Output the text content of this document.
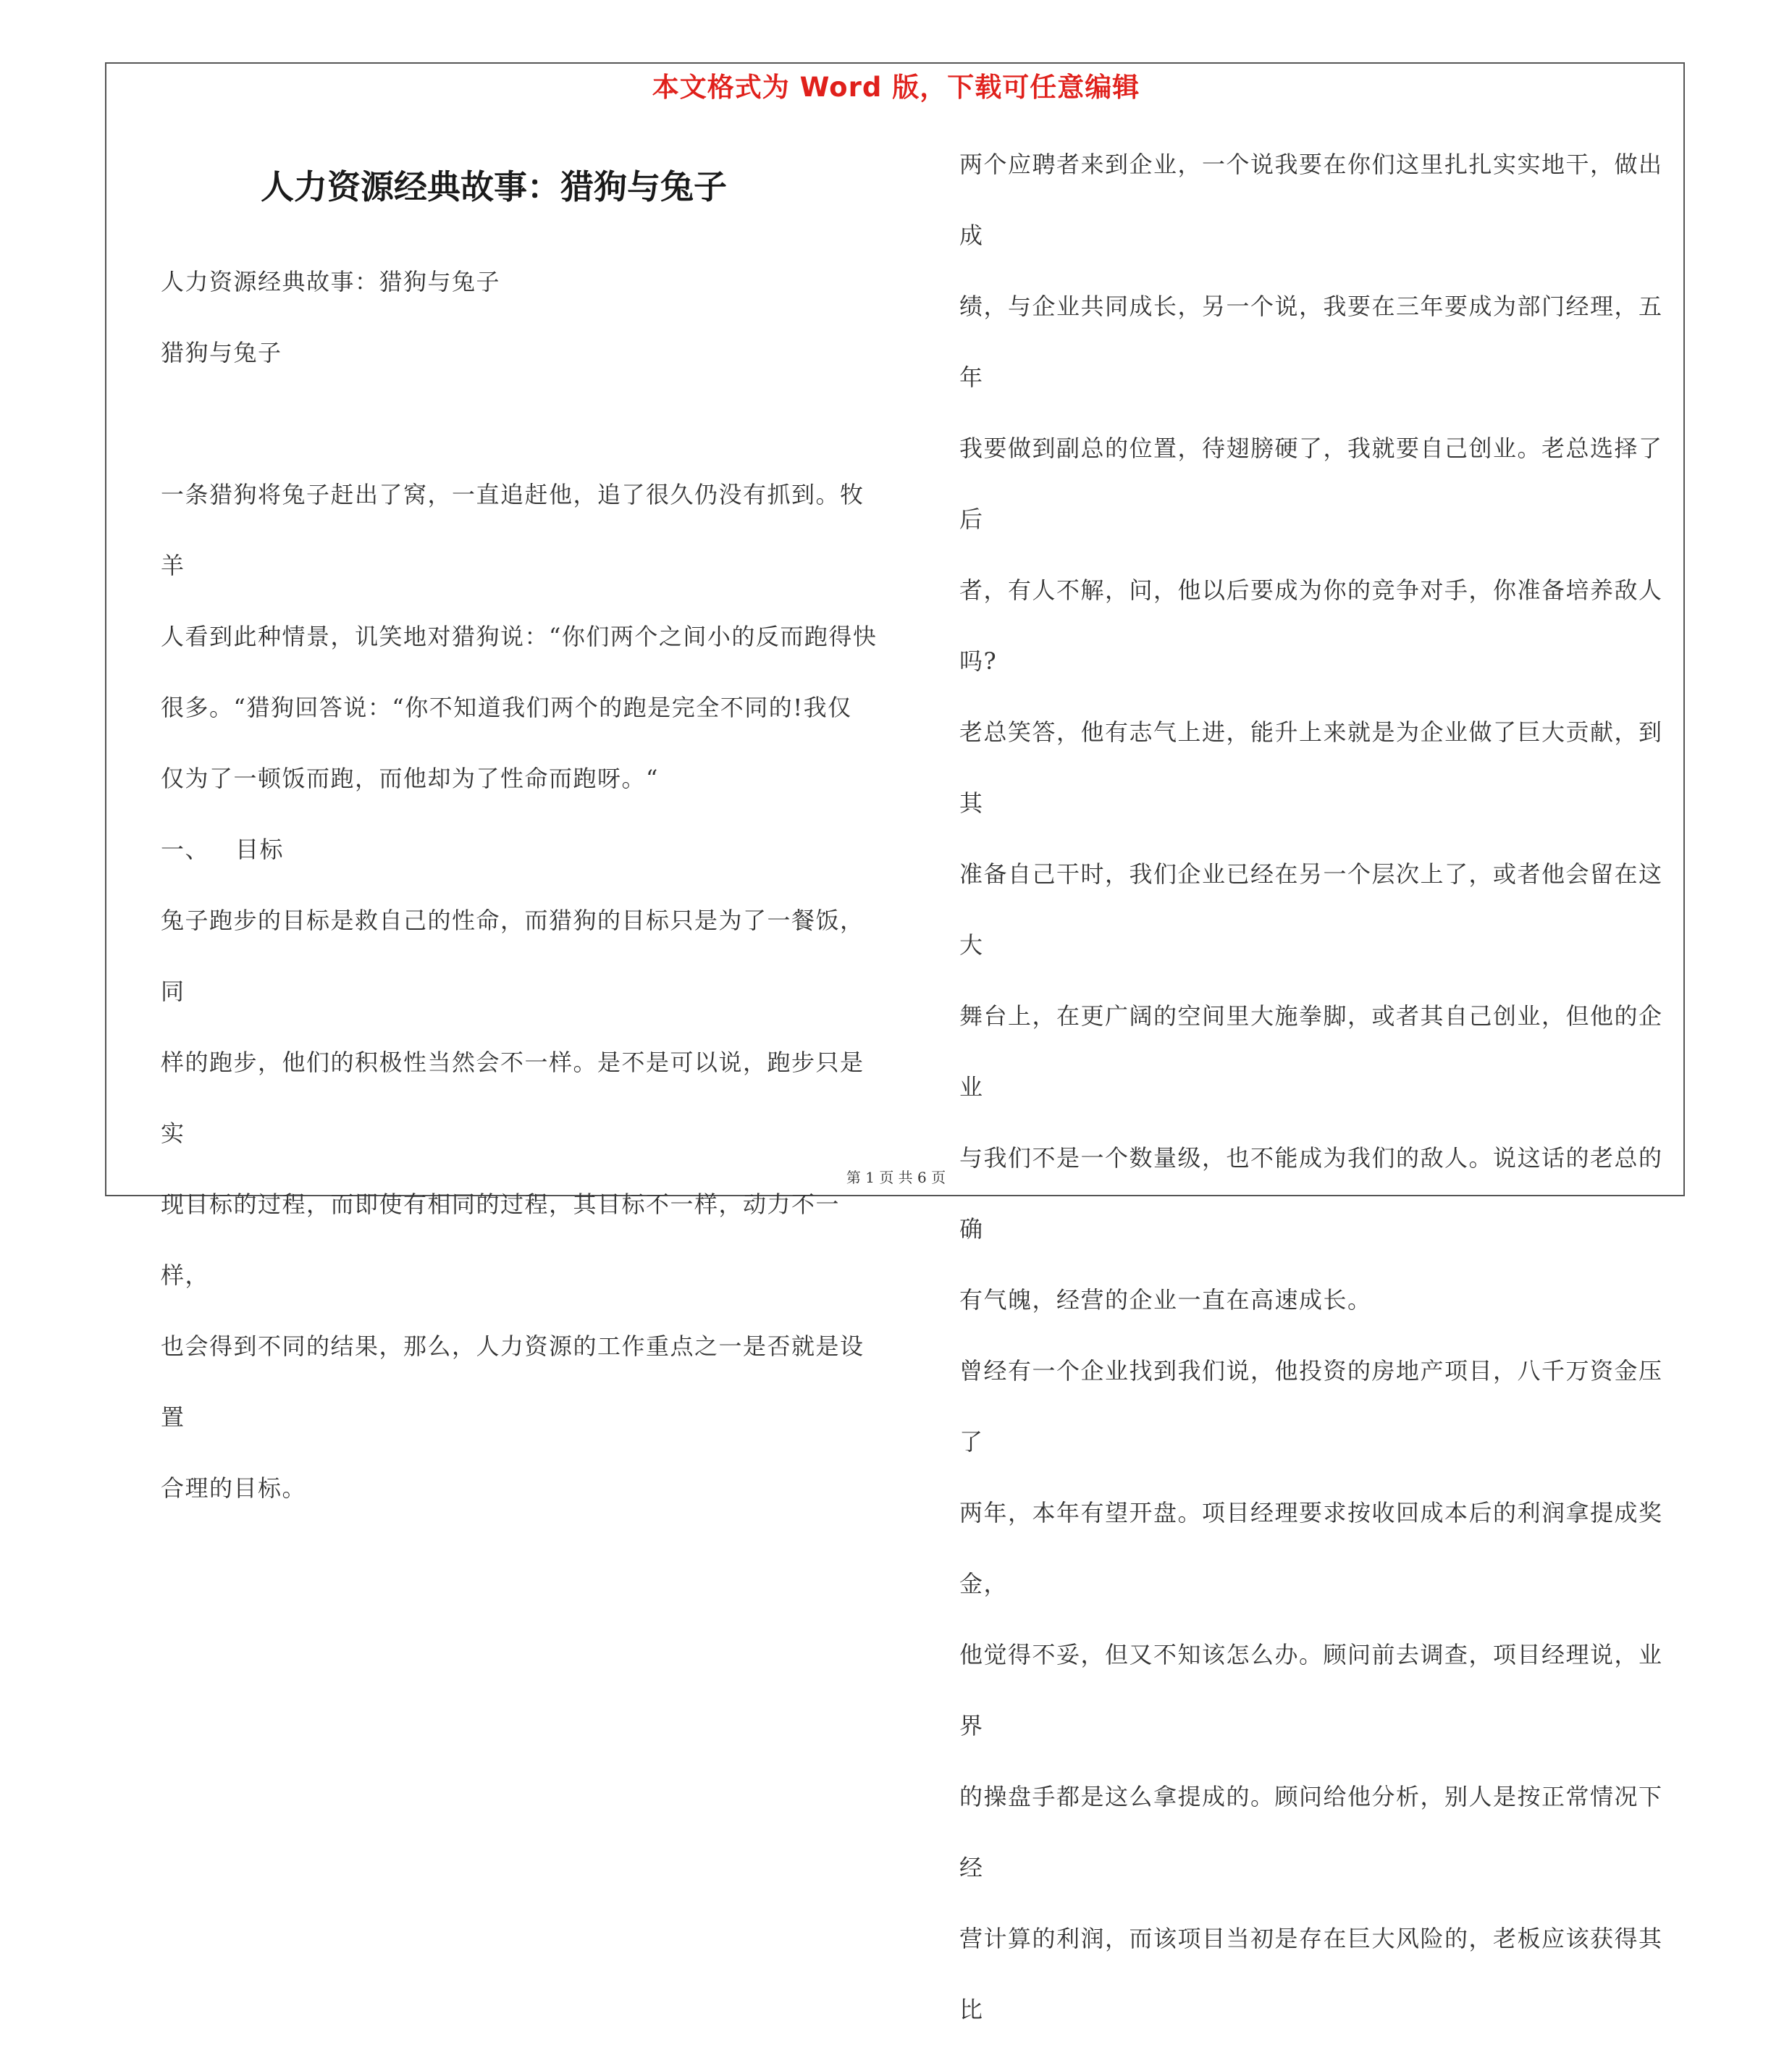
本文格式为 Word 版，下载可任意编辑
人力资源经典故事：猎狗与兔子

人力资源经典故事：猎狗与兔子

猎狗与兔子

一条猎狗将兔子赶出了窝，一直追赶他，追了很久仍没有抓到。牧羊

人看到此种情景，讥笑地对猎狗说：“你们两个之间小的反而跑得快

很多。“猎狗回答说：“你不知道我们两个的跑是完全不同的!我仅

仅为了一顿饭而跑，而他却为了性命而跑呀。“

一、 目标

兔子跑步的目标是救自己的性命，而猎狗的目标只是为了一餐饭，同

样的跑步，他们的积极性当然会不一样。是不是可以说，跑步只是实

现目标的过程，而即使有相同的过程，其目标不一样，动力不一样，

也会得到不同的结果，那么，人力资源的工作重点之一是否就是设置

合理的目标。

两个应聘者来到企业，一个说我要在你们这里扎扎实实地干，做出成

绩，与企业共同成长，另一个说，我要在三年要成为部门经理，五年

我要做到副总的位置，待翅膀硬了，我就要自己创业。老总选择了后

者，有人不解，问，他以后要成为你的竞争对手，你准备培养敌人吗?

老总笑答，他有志气上进，能升上来就是为企业做了巨大贡献，到其

准备自己干时，我们企业已经在另一个层次上了，或者他会留在这大

舞台上，在更广阔的空间里大施拳脚，或者其自己创业，但他的企业

与我们不是一个数量级，也不能成为我们的敌人。说这话的老总的确

有气魄，经营的企业一直在高速成长。

曾经有一个企业找到我们说，他投资的房地产项目，八千万资金压了

两年，本年有望开盘。项目经理要求按收回成本后的利润拿提成奖金，

他觉得不妥，但又不知该怎么办。顾问前去调查，项目经理说，业界

的操盘手都是这么拿提成的。顾问给他分析，别人是按正常情况下经

营计算的利润，而该项目当初是存在巨大风险的，老板应该获得其比

第 1 页 共 6 页
